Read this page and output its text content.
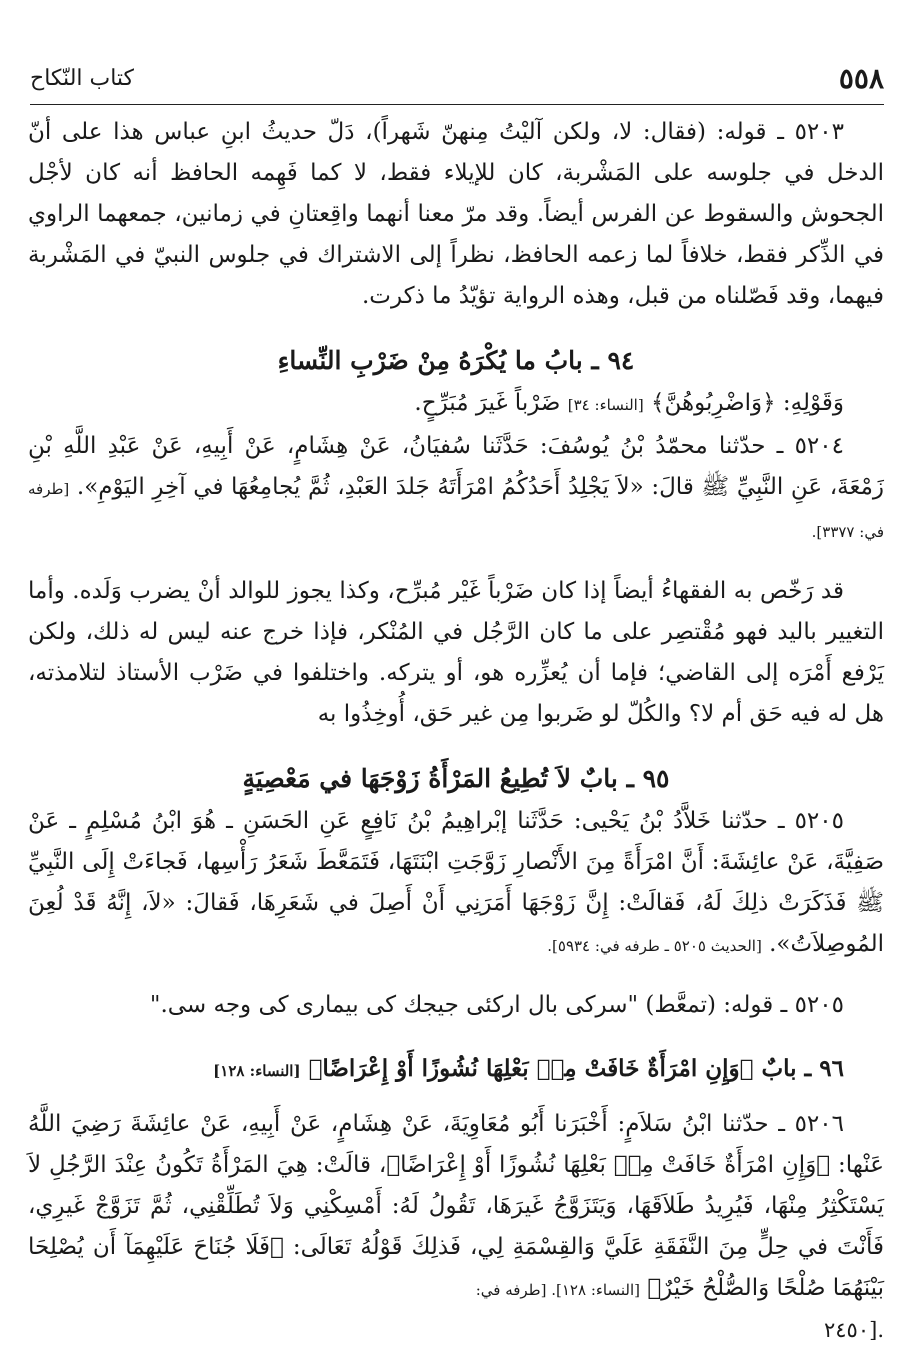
٥٥٨
كتاب النّكاح

٥٢٠٣ ـ قوله: (فقال: لا، ولكن آليْتُ مِنهنّ شَهراً)، دَلّ حديثُ ابنِ عباس هذا على أنّ الدخل في جلوسه على المَشْربة، كان للإيلاء فقط، لا كما فَهِمه الحافظ أنه كان لأجْل الجحوش والسقوط عن الفرس أيضاً. وقد مرّ معنا أنهما واقِعتانِ في زمانين، جمعهما الراوي في الذِّكر فقط، خلافاً لما زعمه الحافظ، نظراً إلى الاشتراك في جلوس النبيّ في المَشْربة فيهما، وقد فَصّلناه من قبل، وهذه الرواية تؤيّدُ ما ذكرت.

٩٤ ـ بابُ ما يُكْرَهُ مِنْ ضَرْبِ النِّساءِ

وَقَوْلِهِ: ﴿وَاضْرِبُوهُنَّ﴾ [النساء: ٣٤] ضَرْباً غَيرَ مُبَرِّحٍ.

٥٢٠٤ ـ حدّثنا محمّدُ بْنُ يُوسُفَ: حَدَّثَنا سُفيَانُ، عَنْ هِشَامٍ، عَنْ أَبِيهِ، عَنْ عَبْدِ اللَّهِ بْنِ زَمْعَةَ، عَنِ النَّبِيِّ ﷺ قالَ: «لاَ يَجْلِدُ أَحَدُكُمُ امْرَأَتَهُ جَلدَ العَبْدِ، ثُمَّ يُجامِعُهَا في آخِرِ اليَوْمِ». [طرفه في: ٣٣٧٧].

قد رَخّص به الفقهاءُ أيضاً إذا كان ضَرْباً غَيْر مُبرِّح، وكذا يجوز للوالد أنْ يضرب وَلَده. وأما التغيير باليد فهو مُقْتصِر على ما كان الرَّجُل في المُنْكر، فإذا خرج عنه ليس له ذلك، ولكن يَرْفع أَمْرَه إلى القاضي؛ فإما أن يُعزِّره هو، أو يتركه. واختلفوا في ضَرْب الأستاذ لتلامذته، هل له فيه حَق أم لا؟ والكُلّ لو ضَربوا مِن غير حَق، أُوخِذُوا به

٩٥ ـ بابٌ لاَ تُطِيعُ المَرْأَةُ زَوْجَهَا في مَعْصِيَةٍ

٥٢٠٥ ـ حدّثنا خَلاَّدُ بْنُ يَحْيى: حَدَّثَنا إبْراهِيمُ بْنُ نَافِعٍ عَنِ الحَسَنِ ـ هُوَ ابْنُ مُسْلِمٍ ـ عَنْ صَفِيَّةَ، عَنْ عائِشَةَ: أَنَّ امْرَأَةً مِنَ الأَنْصارِ زَوَّجَتِ ابْنَتَهَا، فَتَمَعَّطَ شَعَرُ رَأْسِها، فَجاءَتْ إِلَى النَّبِيِّ ﷺ فَذَكَرَتْ ذلِكَ لَهُ، فَقالَتْ: إِنَّ زَوْجَهَا أَمَرَنِي أَنْ أَصِلَ في شَعَرِهَا، فَقالَ: «لاَ، إِنَّهُ قَدْ لُعِنَ المُوصِلاَتُ». [الحديث ٥٢٠٥ ـ طرفه في: ٥٩٣٤].

٥٢٠٥ ـ قوله: (تمعَّط) "سركى بال اركئى جيجك كى بيمارى كى وجه سى."

٩٦ ـ بابٌ ﴿وَإِنِ امْرَأَةٌ خَافَتْ مِنۢ بَعْلِهَا نُشُوزًا أَوْ إِعْرَاضًا﴾ [النساء: ١٢٨]

٥٢٠٦ ـ حدّثنا ابْنُ سَلاَمٍ: أَخْبَرَنا أَبُو مُعَاوِيَةَ، عَنْ هِشَامٍ، عَنْ أَبِيهِ، عَنْ عائِشَةَ رَضِيَ اللَّهُ عَنْها: ﴿وَإِنِ امْرَأَةٌ خَافَتْ مِنۢ بَعْلِهَا نُشُوزًا أَوْ إِعْرَاضًا﴾، قالَتْ: هِيَ المَرْأَةُ تَكُونُ عِنْدَ الرَّجُلِ لاَ يَسْتَكْثِرُ مِنْهَا، فَيُرِيدُ طَلاَقَهَا، وَيَتَزَوَّجُ غَيرَهَا، تَقُولُ لَهُ: أَمْسِكْنِي وَلاَ تُطَلِّقْنِي، ثُمَّ تَزَوَّجْ غَيرِي، فَأَنْتَ في حِلٍّ مِنَ النَّفَقَةِ عَلَيَّ وَالقِسْمَةِ لِي، فَذلِكَ قَوْلُهُ تَعَالَى: ﴿فَلَا جُنَاحَ عَلَيْهِمَآ أَن يُصْلِحَا بَيْنَهُمَا صُلْحًا وَالصُّلْحُ خَيْرٌ﴾ [النساء: ١٢٨]. [طرفه في:

.[٢٤٥٠
